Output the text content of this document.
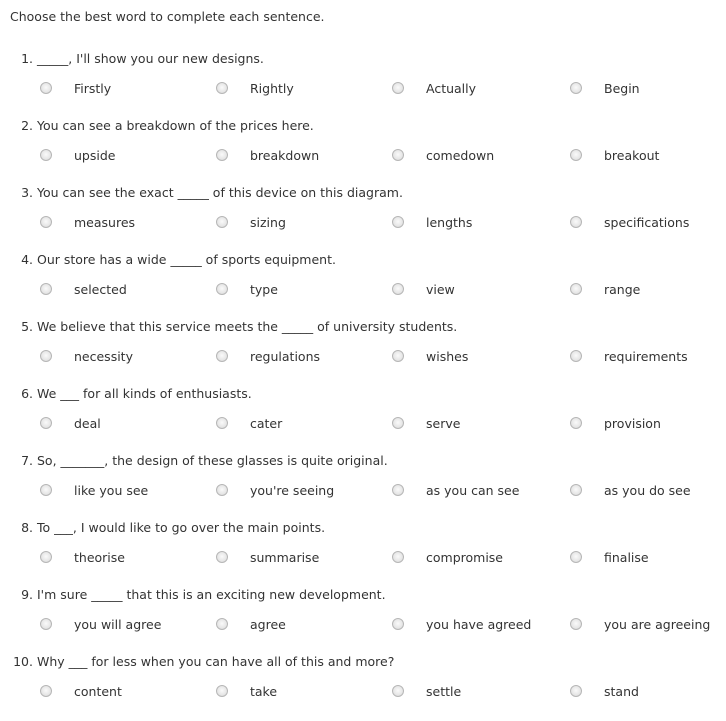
Choose the best word to complete each sentence.
1. _____, I'll show you our new designs.
Firstly	Rightly	Actually	Begin
2. You can see a breakdown of the prices here.
upside	breakdown	comedown	breakout
3. You can see the exact _____ of this device on this diagram.
measures	sizing	lengths	specifications
4. Our store has a wide _____ of sports equipment.
selected	type	view	range
5. We believe that this service meets the _____ of university students.
necessity	regulations	wishes	requirements
6. We ___ for all kinds of enthusiasts.
deal	cater	serve	provision
7. So, _______, the design of these glasses is quite original.
like you see	you're seeing	as you can see	as you do see
8. To ___, I would like to go over the main points.
theorise	summarise	compromise	finalise
9. I'm sure _____ that this is an exciting new development.
you will agree	agree	you have agreed	you are agreeing
10. Why ___ for less when you can have all of this and more?
content	take	settle	stand
